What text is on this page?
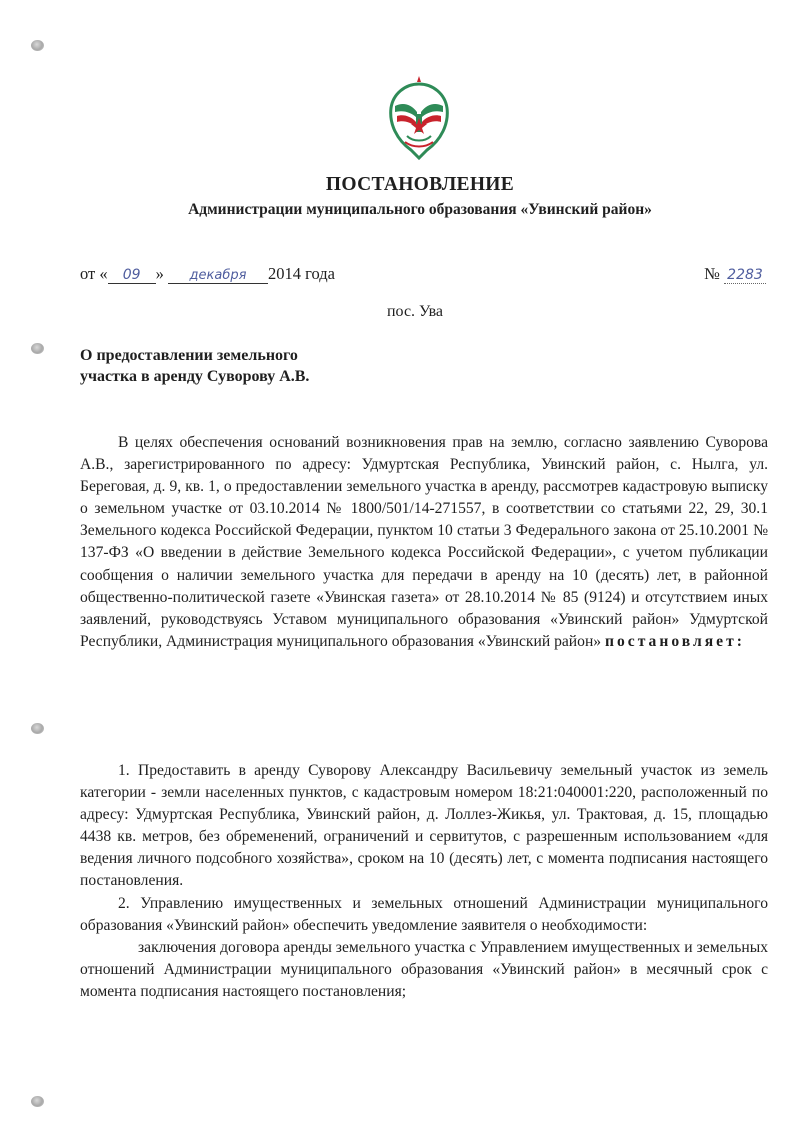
ПОСТАНОВЛЕНИЕ
Администрации муниципального образования «Увинский район»
от « 09 » декабря 2014 года	№ 2283
пос. Ува
О предоставлении земельного
участка в аренду Суворову А.В.

В целях обеспечения оснований возникновения прав на землю, согласно заявлению Суворова А.В., зарегистрированного по адресу: Удмуртская Республика, Увинский район, с. Нылга, ул. Береговая, д. 9, кв. 1, о предоставлении земельного участка в аренду, рассмотрев кадастровую выписку о земельном участке от 03.10.2014 № 1800/501/14-271557, в соответствии со статьями 22, 29, 30.1 Земельного кодекса Российской Федерации, пунктом 10 статьи 3 Федерального закона от 25.10.2001 № 137-ФЗ «О введении в действие Земельного кодекса Российской Федерации», с учетом публикации сообщения о наличии земельного участка для передачи в аренду на 10 (десять) лет, в районной общественно-политической газете «Увинская газета» от 28.10.2014 № 85 (9124) и отсутствием иных заявлений, руководствуясь Уставом муниципального образования «Увинский район» Удмуртской Республики, Администрация муниципального образования «Увинский район» постановляет:

1. Предоставить в аренду Суворову Александру Васильевичу земельный участок из земель категории - земли населенных пунктов, с кадастровым номером 18:21:040001:220, расположенный по адресу: Удмуртская Республика, Увинский район, д. Лоллез-Жикья, ул. Трактовая, д. 15, площадью 4438 кв. метров, без обременений, ограничений и сервитутов, с разрешенным использованием «для ведения личного подсобного хозяйства», сроком на 10 (десять) лет, с момента подписания настоящего постановления.

2. Управлению имущественных и земельных отношений Администрации муниципального образования «Увинский район» обеспечить уведомление заявителя о необходимости:

заключения договора аренды земельного участка с Управлением имущественных и земельных отношений Администрации муниципального образования «Увинский район» в месячный срок с момента подписания настоящего постановления;
